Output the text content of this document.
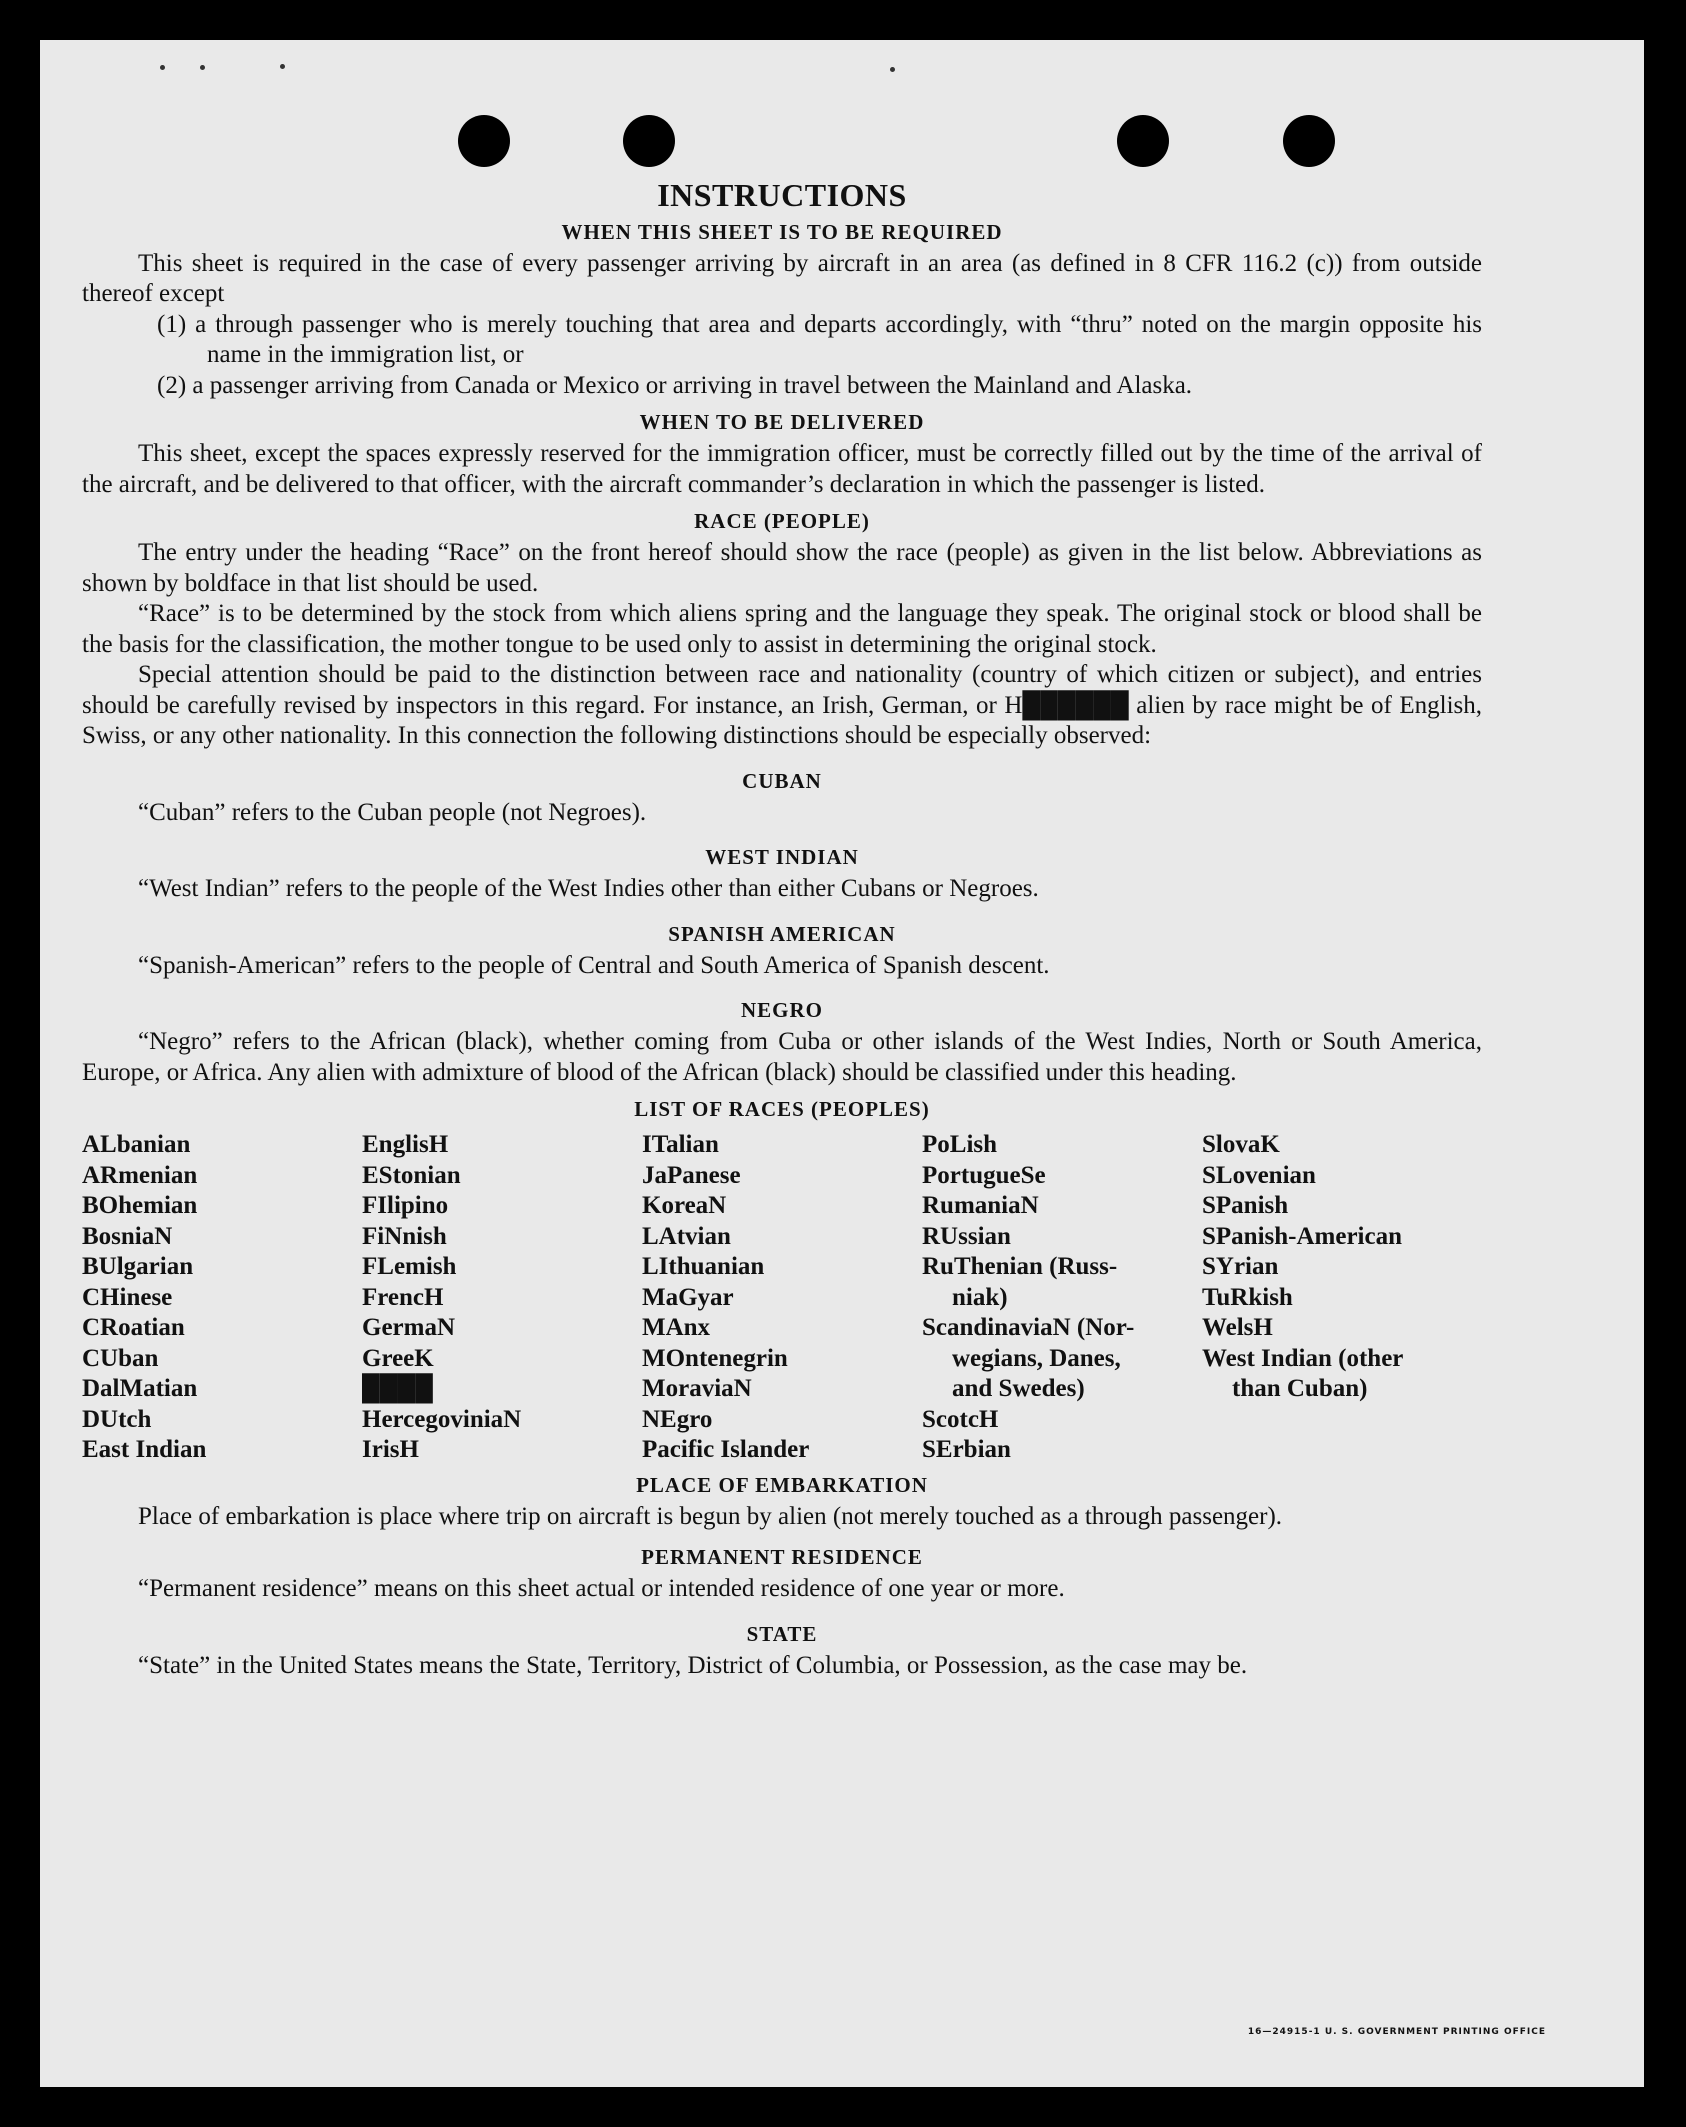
INSTRUCTIONS
WHEN THIS SHEET IS TO BE REQUIRED

This sheet is required in the case of every passenger arriving by aircraft in an area (as defined in 8 CFR 116.2 (c)) from outside thereof except

(1) a through passenger who is merely touching that area and departs accordingly, with “thru” noted on the margin opposite his name in the immigration list, or

(2) a passenger arriving from Canada or Mexico or arriving in travel between the Mainland and Alaska.

WHEN TO BE DELIVERED

This sheet, except the spaces expressly reserved for the immigration officer, must be correctly filled out by the time of the arrival of the aircraft, and be delivered to that officer, with the aircraft commander’s declaration in which the passenger is listed.

RACE (PEOPLE)

The entry under the heading “Race” on the front hereof should show the race (people) as given in the list below. Abbreviations as shown by boldface in that list should be used.

“Race” is to be determined by the stock from which aliens spring and the language they speak. The original stock or blood shall be the basis for the classification, the mother tongue to be used only to assist in determining the original stock.

Special attention should be paid to the distinction between race and nationality (country of which citizen or subject), and entries should be carefully revised by inspectors in this regard. For instance, an Irish, German, or H██████ alien by race might be of English, Swiss, or any other nationality. In this connection the following distinctions should be especially observed:

CUBAN

“Cuban” refers to the Cuban people (not Negroes).

WEST INDIAN

“West Indian” refers to the people of the West Indies other than either Cubans or Negroes.

SPANISH AMERICAN

“Spanish-American” refers to the people of Central and South America of Spanish descent.

NEGRO

“Negro” refers to the African (black), whether coming from Cuba or other islands of the West Indies, North or South America, Europe, or Africa. Any alien with admixture of blood of the African (black) should be classified under this heading.

LIST OF RACES (PEOPLES)
ALbanian
ARmenian
BOhemian
BosniaN
BUlgarian
CHinese
CRoatian
CUban
DalMatian
DUtch
East Indian
EnglisH
EStonian
FIlipino
FiNnish
FLemish
FrencH
GermaN
GreeK
████
HercegoviniaN
IrisH
ITalian
JaPanese
KoreaN
LAtvian
LIthuanian
MaGyar
MAnx
MOntenegrin
MoraviaN
NEgro
Pacific Islander
PoLish
PortugueSe
RumaniaN
RUssian
RuThenian (Russ-
niak)
ScandinaviaN (Nor-
wegians, Danes,
and Swedes)
ScotcH
SErbian
SlovaK
SLovenian
SPanish
SPanish-American
SYrian
TuRkish
WelsH
West Indian (other
than Cuban)
PLACE OF EMBARKATION

Place of embarkation is place where trip on aircraft is begun by alien (not merely touched as a through passenger).

PERMANENT RESIDENCE

“Permanent residence” means on this sheet actual or intended residence of one year or more.

STATE

“State” in the United States means the State, Territory, District of Columbia, or Possession, as the case may be.

16—24915-1 U. S. GOVERNMENT PRINTING OFFICE
